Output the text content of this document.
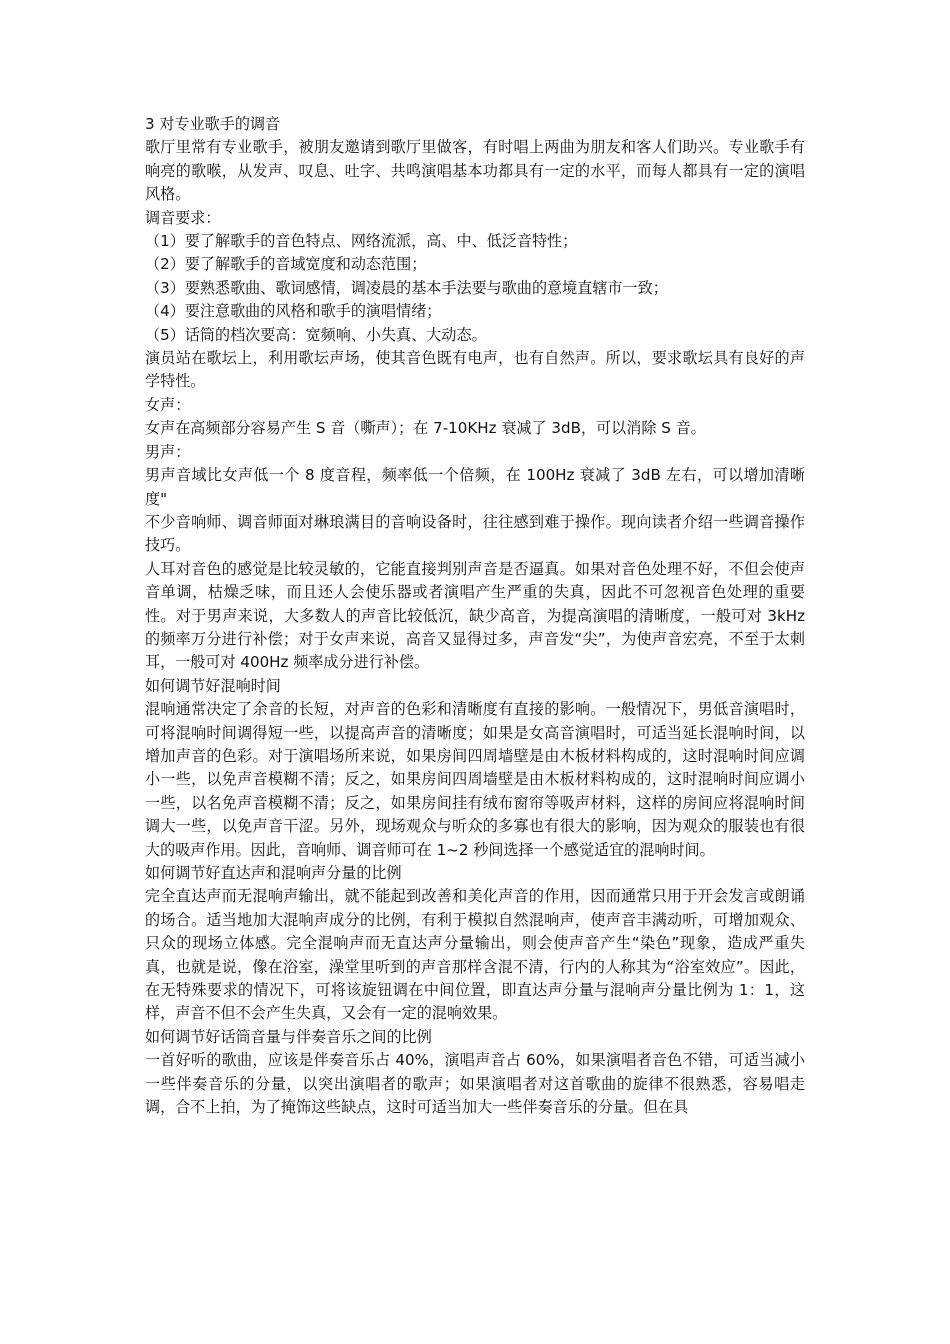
3 对专业歌手的调音

歌厅里常有专业歌手，被朋友邀请到歌厅里做客，有时唱上两曲为朋友和客人们助兴。专业歌手有响亮的歌喉，从发声、叹息、吐字、共鸣演唱基本功都具有一定的水平，而每人都具有一定的演唱风格。

调音要求：

（1）要了解歌手的音色特点、网络流派，高、中、低泛音特性；

（2）要了解歌手的音域宽度和动态范围；

（3）要熟悉歌曲、歌词感情，调凌晨的基本手法要与歌曲的意境直辖市一致；

（4）要注意歌曲的风格和歌手的演唱情绪；

（5）话筒的档次要高：宽频响、小失真、大动态。

演员站在歌坛上，利用歌坛声场，使其音色既有电声，也有自然声。所以，要求歌坛具有良好的声学特性。

女声：

女声在高频部分容易产生 S 音（嘶声）；在 7-10KHz 衰减了 3dB，可以消除 S 音。

男声：

男声音域比女声低一个 8 度音程，频率低一个倍频，在 100Hz 衰减了 3dB 左右，可以增加清晰度"

不少音响师、调音师面对琳琅满目的音响设备时，往往感到难于操作。现向读者介绍一些调音操作技巧。

人耳对音色的感觉是比较灵敏的，它能直接判别声音是否逼真。如果对音色处理不好，不但会使声音单调，枯燥乏味，而且还人会使乐器或者演唱产生严重的失真，因此不可忽视音色处理的重要性。对于男声来说，大多数人的声音比较低沉，缺少高音，为提高演唱的清晰度，一般可对 3kHz 的频率万分进行补偿；对于女声来说，高音又显得过多，声音发“尖”，为使声音宏亮，不至于太刺耳，一般可对 400Hz 频率成分进行补偿。

如何调节好混响时间

混响通常决定了余音的长短，对声音的色彩和清晰度有直接的影响。一般情况下，男低音演唱时，可将混响时间调得短一些，以提高声音的清晰度；如果是女高音演唱时，可适当延长混响时间，以增加声音的色彩。对于演唱场所来说，如果房间四周墙壁是由木板材料构成的，这时混响时间应调小一些，以免声音模糊不清；反之，如果房间四周墙壁是由木板材料构成的，这时混响时间应调小一些，以名免声音模糊不清；反之，如果房间挂有绒布窗帘等吸声材料，这样的房间应将混响时间调大一些，以免声音干涩。另外，现场观众与听众的多寡也有很大的影响，因为观众的服装也有很大的吸声作用。因此，音响师、调音师可在 1~2 秒间选择一个感觉适宜的混响时间。

如何调节好直达声和混响声分量的比例

完全直达声而无混响声输出，就不能起到改善和美化声音的作用，因而通常只用于开会发言或朗诵的场合。适当地加大混响声成分的比例，有利于模拟自然混响声，使声音丰满动听，可增加观众、只众的现场立体感。完全混响声而无直达声分量输出，则会使声音产生“染色”现象，造成严重失真，也就是说，像在浴室，澡堂里听到的声音那样含混不清，行内的人称其为“浴室效应”。因此，在无特殊要求的情况下，可将该旋钮调在中间位置，即直达声分量与混响声分量比例为 1：1，这样，声音不但不会产生失真，又会有一定的混响效果。

如何调节好话筒音量与伴奏音乐之间的比例

一首好听的歌曲，应该是伴奏音乐占 40%，演唱声音占 60%，如果演唱者音色不错，可适当减小一些伴奏音乐的分量，以突出演唱者的歌声；如果演唱者对这首歌曲的旋律不很熟悉，容易唱走调，合不上拍，为了掩饰这些缺点，这时可适当加大一些伴奏音乐的分量。但在具
